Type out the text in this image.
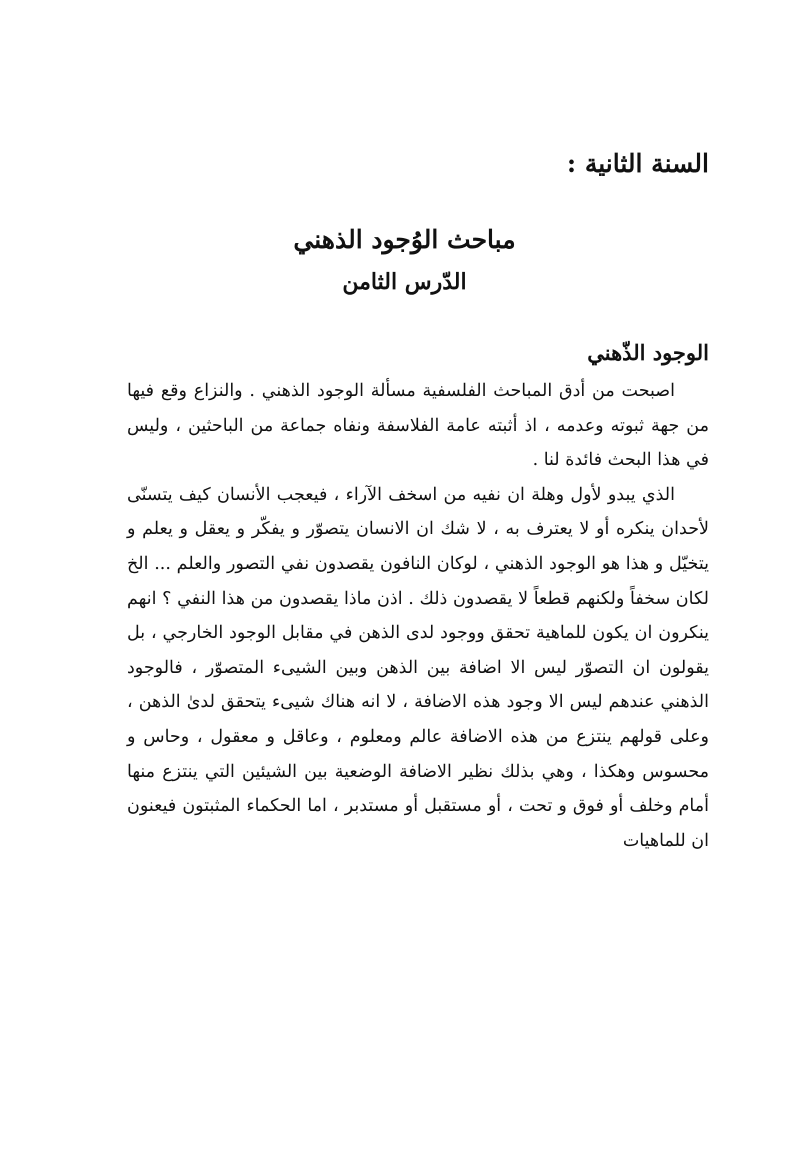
السنة الثانية :
مباحث الوُجود الذهني
الدّرس الثامن
الوجود الذّهني

اصبحت من أدق المباحث الفلسفية مسألة الوجود الذهني . والنزاع وقع فيها من جهة ثبوته وعدمه ، اذ أثبته عامة الفلاسفة ونفاه جماعة من الباحثين ، وليس في هذا البحث فائدة لنا .

الذي يبدو لأول وهلة ان نفيه من اسخف الآراء ، فيعجب الأنسان كيف يتسنّى لأحدان ينكره أو لا يعترف به ، لا شك ان الانسان يتصوّر و يفكّر و يعقل و يعلم و يتخيّل و هذا هو الوجود الذهني ، لوكان النافون يقصدون نفي التصور والعلم ... الخ لكان سخفاً ولكنهم قطعاً لا يقصدون ذلك . اذن ماذا يقصدون من هذا النفي ؟ انهم ينكرون ان يكون للماهية تحقق ووجود لدى الذهن في مقابل الوجود الخارجي ، بل يقولون ان التصوّر ليس الا اضافة بين الذهن وبين الشيىء المتصوّر ، فالوجود الذهني عندهم ليس الا وجود هذه الاضافة ، لا انه هناك شيىء يتحقق لدىٰ الذهن ، وعلى قولهم ينتزع من هذه الاضافة عالم ومعلوم ، وعاقل و معقول ، وحاس و محسوس وهكذا ، وهي بذلك نظير الاضافة الوضعية بين الشيئين التي ينتزع منها أمام وخلف أو فوق و تحت ، أو مستقبل أو مستدبر ، اما الحكماء المثبتون فيعنون ان للماهيات
